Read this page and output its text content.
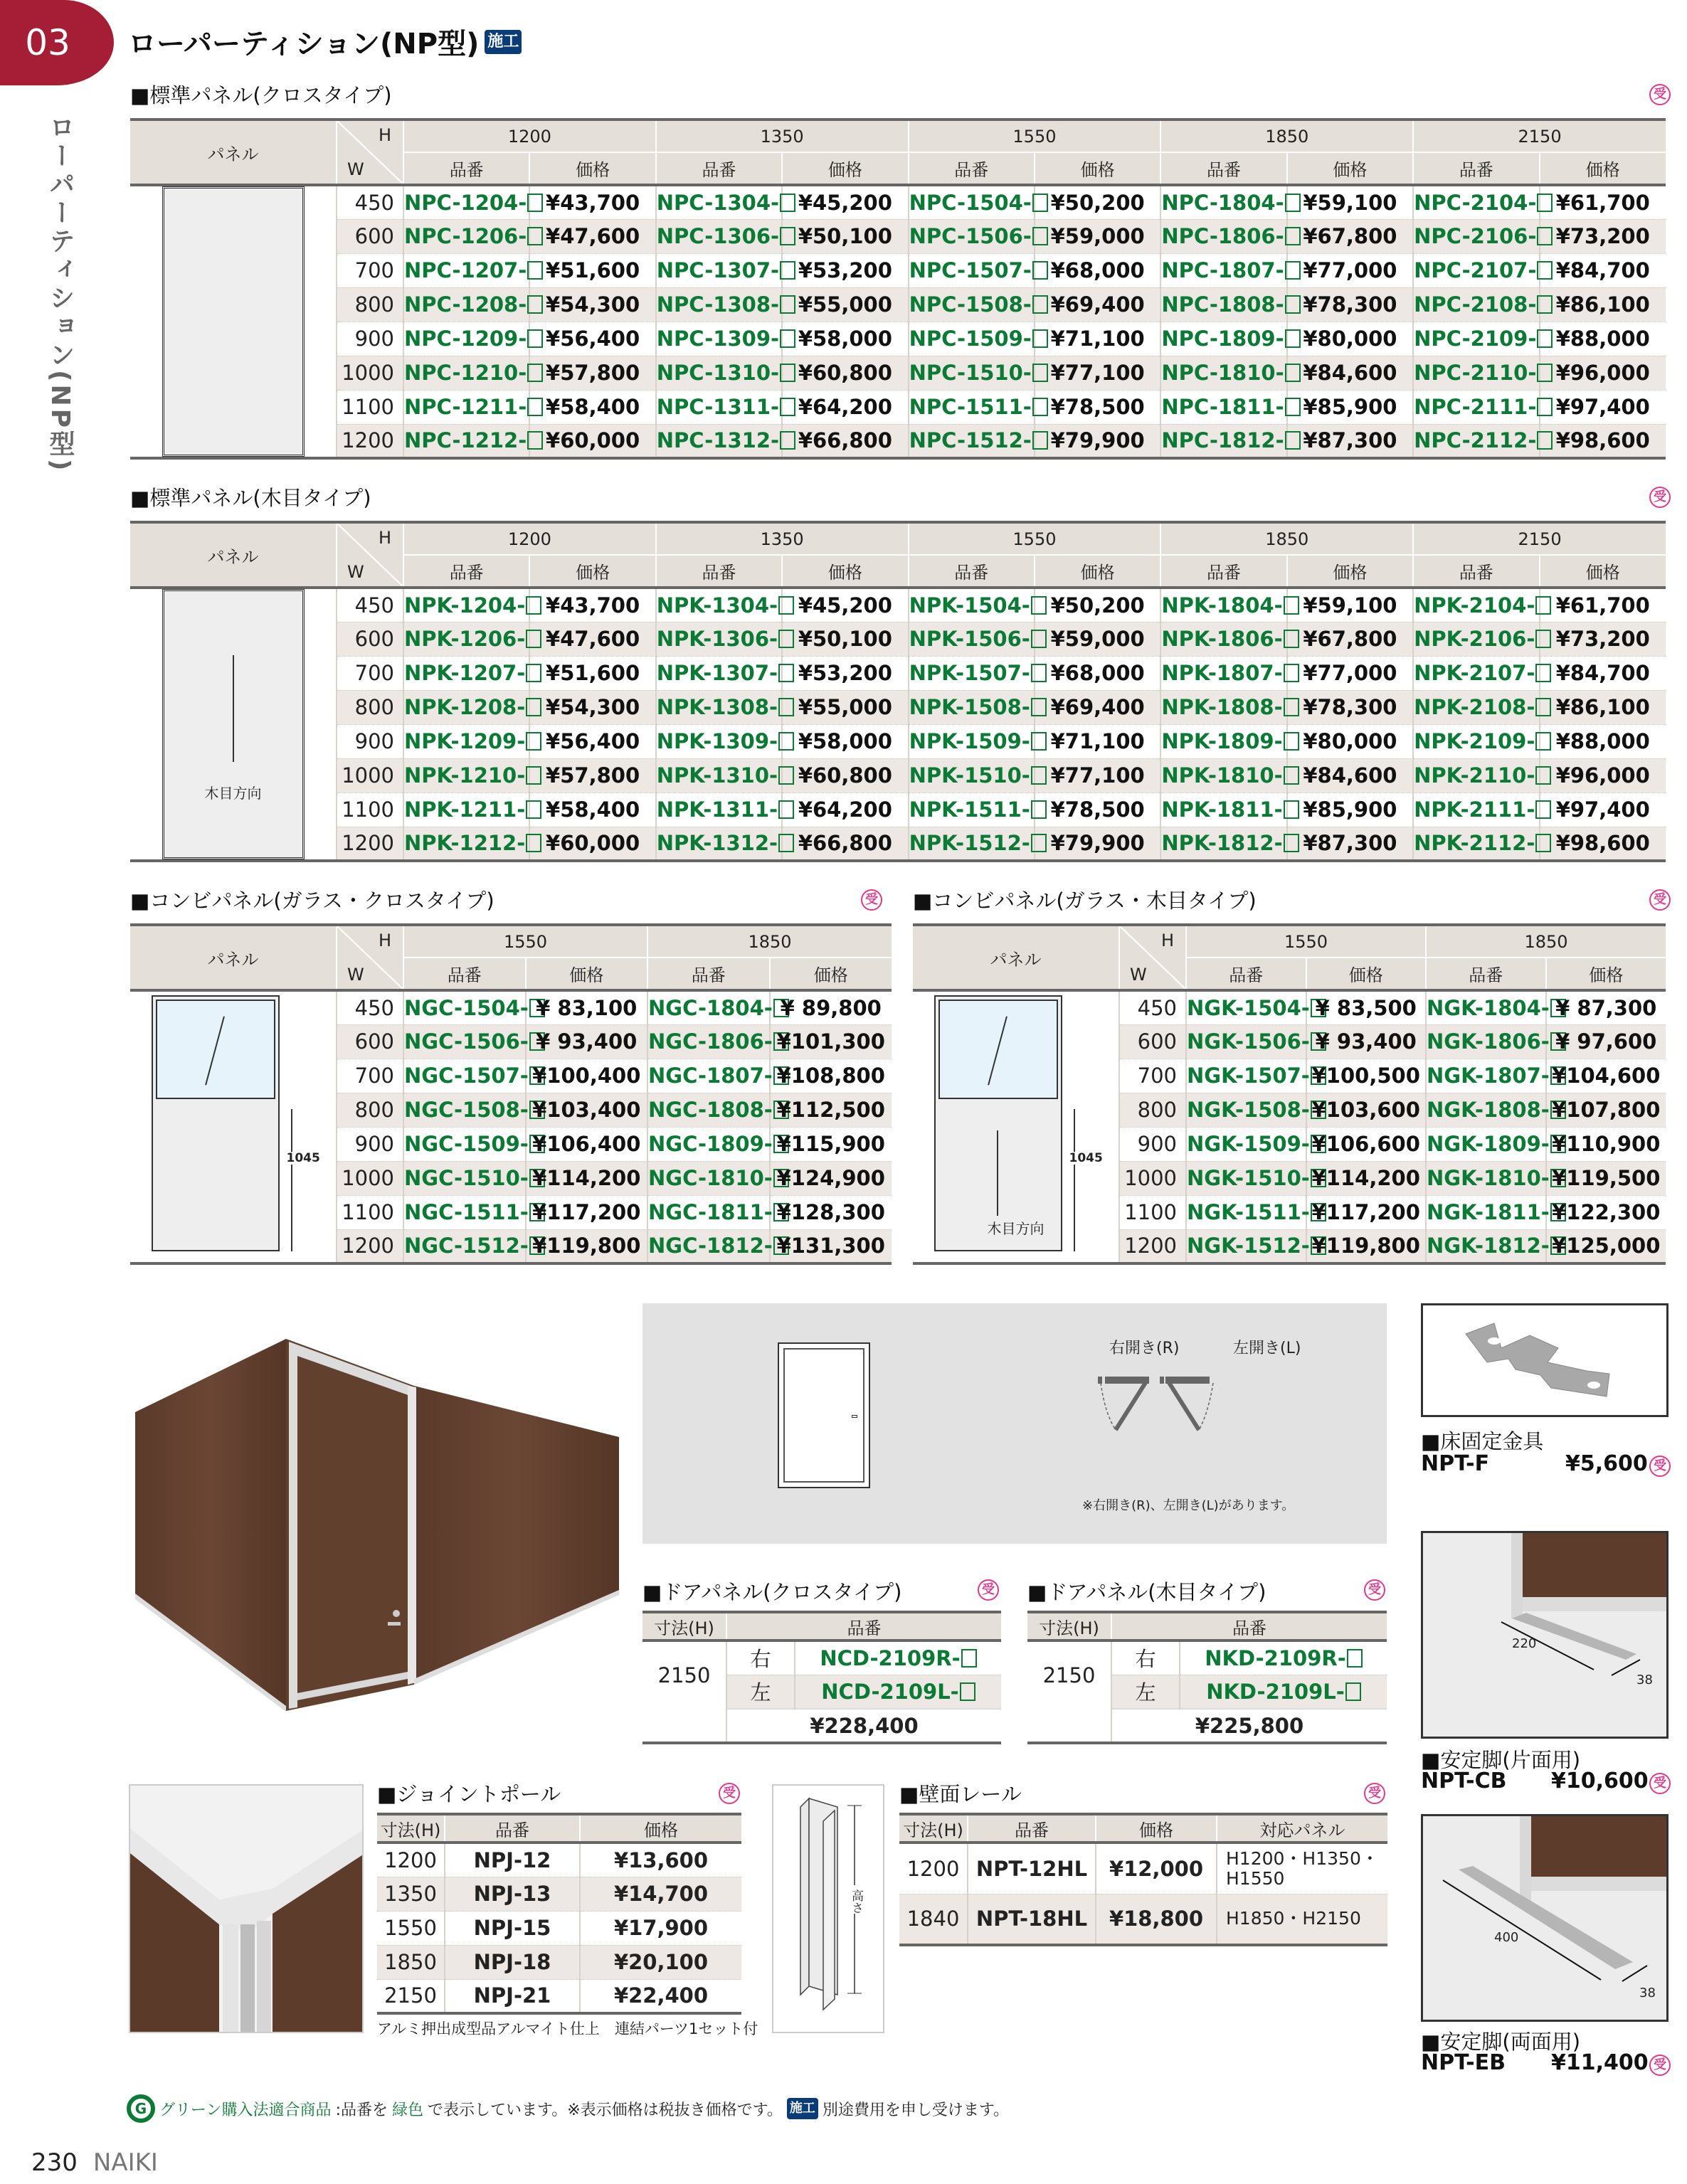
03
ローパーティション(NP型)
ローパーティション(NP型) 施工
■標準パネル(クロスタイプ)	受
パネル	H
W	1200		1350		1550		1850		2150	
		品番	価格	品番	価格	品番	価格	品番	価格	品番	価格

	450	NPC-1204-	¥43,700	NPC-1304-	¥45,200	NPC-1504-	¥50,200	NPC-1804-	¥59,100	NPC-2104-	¥61,700
	600	NPC-1206-	¥47,600	NPC-1306-	¥50,100	NPC-1506-	¥59,000	NPC-1806-	¥67,800	NPC-2106-	¥73,200
	700	NPC-1207-	¥51,600	NPC-1307-	¥53,200	NPC-1507-	¥68,000	NPC-1807-	¥77,000	NPC-2107-	¥84,700
	800	NPC-1208-	¥54,300	NPC-1308-	¥55,000	NPC-1508-	¥69,400	NPC-1808-	¥78,300	NPC-2108-	¥86,100
	900	NPC-1209-	¥56,400	NPC-1309-	¥58,000	NPC-1509-	¥71,100	NPC-1809-	¥80,000	NPC-2109-	¥88,000
	1000	NPC-1210-	¥57,800	NPC-1310-	¥60,800	NPC-1510-	¥77,100	NPC-1810-	¥84,600	NPC-2110-	¥96,000
	1100	NPC-1211-	¥58,400	NPC-1311-	¥64,200	NPC-1511-	¥78,500	NPC-1811-	¥85,900	NPC-2111-	¥97,400
	1200	NPC-1212-	¥60,000	NPC-1312-	¥66,800	NPC-1512-	¥79,900	NPC-1812-	¥87,300	NPC-2112-	¥98,600
■標準パネル(木目タイプ)	受
パネル	H
W	1200		1350		1550		1850		2150	
		品番	価格	品番	価格	品番	価格	品番	価格	品番	価格

木目方向	450	NPK-1204-	¥43,700	NPK-1304-	¥45,200	NPK-1504-	¥50,200	NPK-1804-	¥59,100	NPK-2104-	¥61,700
	600	NPK-1206-	¥47,600	NPK-1306-	¥50,100	NPK-1506-	¥59,000	NPK-1806-	¥67,800	NPK-2106-	¥73,200
	700	NPK-1207-	¥51,600	NPK-1307-	¥53,200	NPK-1507-	¥68,000	NPK-1807-	¥77,000	NPK-2107-	¥84,700
	800	NPK-1208-	¥54,300	NPK-1308-	¥55,000	NPK-1508-	¥69,400	NPK-1808-	¥78,300	NPK-2108-	¥86,100
	900	NPK-1209-	¥56,400	NPK-1309-	¥58,000	NPK-1509-	¥71,100	NPK-1809-	¥80,000	NPK-2109-	¥88,000
	1000	NPK-1210-	¥57,800	NPK-1310-	¥60,800	NPK-1510-	¥77,100	NPK-1810-	¥84,600	NPK-2110-	¥96,000
	1100	NPK-1211-	¥58,400	NPK-1311-	¥64,200	NPK-1511-	¥78,500	NPK-1811-	¥85,900	NPK-2111-	¥97,400
	1200	NPK-1212-	¥60,000	NPK-1312-	¥66,800	NPK-1512-	¥79,900	NPK-1812-	¥87,300	NPK-2112-	¥98,600
■コンビパネル(ガラス・クロスタイプ)	受
パネル	H
W	1550		1850	
		品番	価格	品番	価格

1045	450	NGC-1504-	¥ 83,100	NGC-1804-	¥ 89,800
	600	NGC-1506-	¥ 93,400	NGC-1806-	¥101,300
	700	NGC-1507-	¥100,400	NGC-1807-	¥108,800
	800	NGC-1508-	¥103,400	NGC-1808-	¥112,500
	900	NGC-1509-	¥106,400	NGC-1809-	¥115,900
	1000	NGC-1510-	¥114,200	NGC-1810-	¥124,900
	1100	NGC-1511-	¥117,200	NGC-1811-	¥128,300
	1200	NGC-1512-	¥119,800	NGC-1812-	¥131,300
■コンビパネル(ガラス・木目タイプ)	受
パネル	H
W	1550		1850	
		品番	価格	品番	価格

木目方向
1045	450	NGK-1504-	¥ 83,500	NGK-1804-	¥ 87,300
	600	NGK-1506-	¥ 93,400	NGK-1806-	¥ 97,600
	700	NGK-1507-	¥100,500	NGK-1807-	¥104,600
	800	NGK-1508-	¥103,600	NGK-1808-	¥107,800
	900	NGK-1509-	¥106,600	NGK-1809-	¥110,900
	1000	NGK-1510-	¥114,200	NGK-1810-	¥119,500
	1100	NGK-1511-	¥117,200	NGK-1811-	¥122,300
	1200	NGK-1512-	¥119,800	NGK-1812-	¥125,000
右開き(R)	左開き(L)
※右開き(R)、左開き(L)があります。
■ドアパネル(クロスタイプ)	受
寸法(H)	品番	
2150	右	NCD-2109R-
	左	NCD-2109L-
	¥228,400	
■ドアパネル(木目タイプ)	受
寸法(H)	品番	
2150	右	NKD-2109R-
	左	NKD-2109L-
	¥225,800	
■ジョイントポール	受
寸法(H)	品番	価格
1200	NPJ-12	¥13,600
1350	NPJ-13	¥14,700
1550	NPJ-15	¥17,900
1850	NPJ-18	¥20,100
2150	NPJ-21	¥22,400
アルミ押出成型品アルマイト仕上　連結パーツ1セット付
高さ
■壁面レール	受
寸法(H)	品番	価格	対応パネル
1200	NPT-12HL	¥12,000	H1200・H1350・H1550
1840	NPT-18HL	¥18,800	H1850・H2150
■床固定金具
NPT-F	¥5,600 受
220
38
■安定脚(片面用)
NPT-CB ¥10,600 受
400
38
■安定脚(両面用)
NPT-EB ¥11,400 受
G グリーン購入法適合商品 :品番を 緑色 で表示しています。※表示価格は税抜き価格です。 施工 別途費用を申し受けます。
230 NAIKI
